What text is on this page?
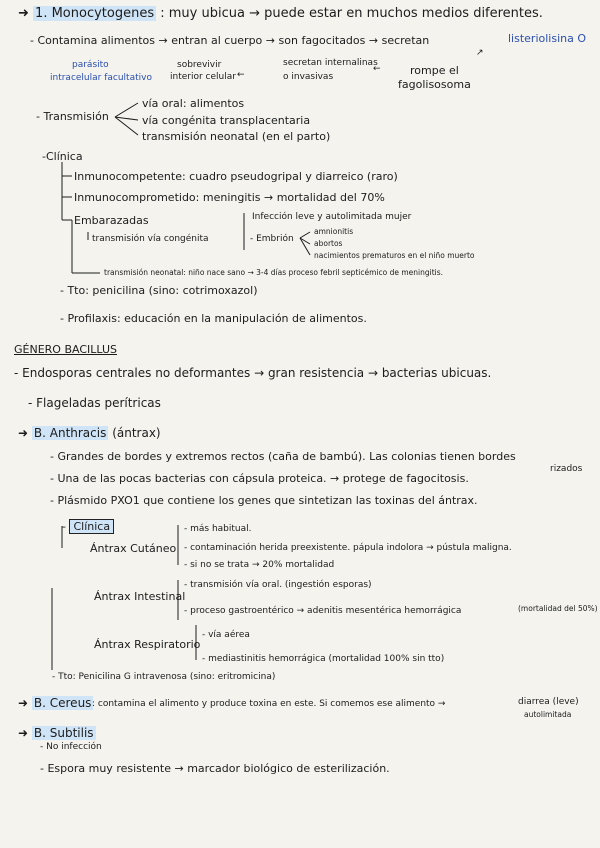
➜ 1. Monocytogenes : muy ubicua → puede estar en muchos medios diferentes.
- Contamina alimentos → entran al cuerpo → son fagocitados → secretan	listeriolisina O
sobrevivir
interior celular ←
secretan internalinas
o invasivas
←	rompe el
fagolisosoma
↗
parásito
intracelular facultativo
- Transmisión
vía oral: alimentos
vía congénita transplacentaria
transmisión neonatal (en el parto)
-Clínica
Inmunocompetente: cuadro pseudogripal y diarreico (raro)
Inmunocomprometido: meningitis → mortalidad del 70%
Embarazadas
transmisión vía congénita
Infección leve y autolimitada mujer
- Embrión
amnionitis
abortos
nacimientos prematuros en el niño muerto
transmisión neonatal: niño nace sano → 3-4 días proceso febril septicémico de meningitis.
- Tto: penicilina (sino: cotrimoxazol)
- Profilaxis: educación en la manipulación de alimentos.
GÉNERO BACILLUS
- Endosporas centrales no deformantes → gran resistencia → bacterias ubicuas.
- Flageladas perítricas
➜ B. Anthracis (ántrax)
- Grandes de bordes y extremos rectos (caña de bambú). Las colonias tienen bordes
rizados
- Una de las pocas bacterias con cápsula proteica. → protege de fagocitosis.
- Plásmido PXO1 que contiene los genes que sintetizan las toxinas del ántrax.
- Clínica
Ántrax Cutáneo
- más habitual.
- contaminación herida preexistente. pápula indolora → pústula maligna.
- si no se trata → 20% mortalidad
Ántrax Intestinal
- transmisión vía oral. (ingestión esporas)
- proceso gastroentérico → adenitis mesentérica hemorrágica	(mortalidad del 50%)
Ántrax Respiratorio
- vía aérea
- mediastinitis hemorrágica (mortalidad 100% sin tto)
- Tto: Penicilina G intravenosa (sino: eritromicina)
➜ B. Cereus : contamina el alimento y produce toxina en este. Si comemos ese alimento →	diarrea (leve)
autolimitada
➜ B. Subtilis
- No infección
- Espora muy resistente → marcador biológico de esterilización.
